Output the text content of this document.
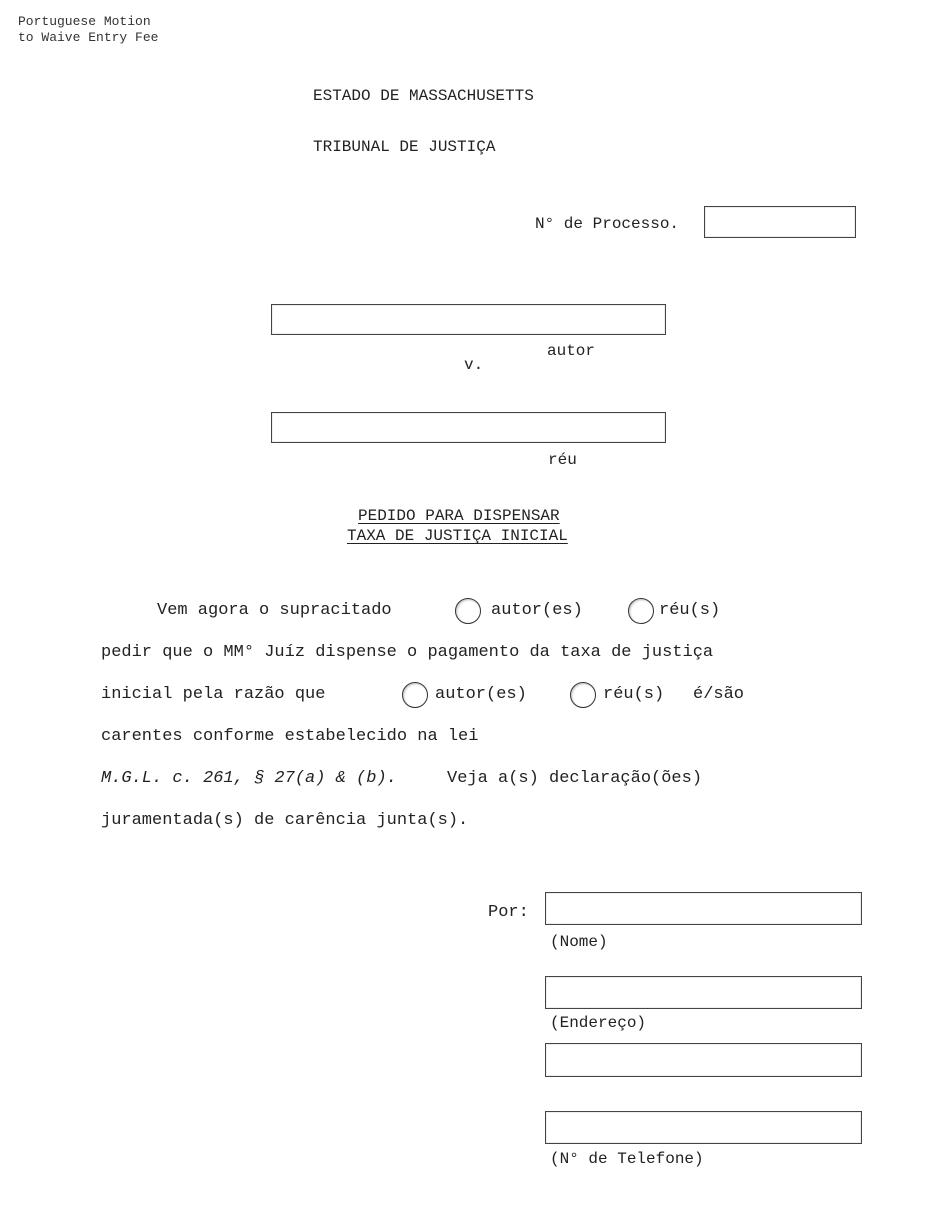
Portuguese Motion
to Waive Entry Fee
ESTADO DE MASSACHUSETTS
TRIBUNAL DE JUSTIÇA
N° de Processo.
autor
v.
réu
PEDIDO PARA DISPENSAR
TAXA DE JUSTIÇA INICIAL
Vem agora o supracitado	autor(es)	réu(s)
pedir que o MM° Juíz dispense o pagamento da taxa de justiça
inicial pela razão que	autor(es)	réu(s) é/são
carentes conforme estabelecido na lei
M.G.L. c. 261, § 27(a) & (b).	Veja a(s) declaração(ões)
juramentada(s) de carência junta(s).
Por:
(Nome)
(Endereço)
(N° de Telefone)
